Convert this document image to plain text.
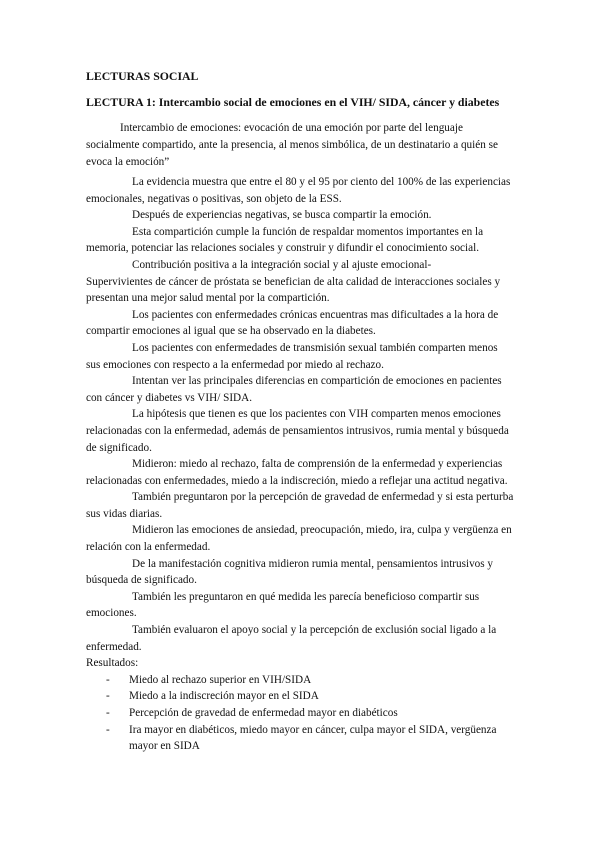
LECTURAS SOCIAL
LECTURA 1: Intercambio social de emociones en el VIH/ SIDA, cáncer y diabetes
Intercambio de emociones: evocación de una emoción por parte del lenguaje socialmente compartido, ante la presencia, al menos simbólica, de un destinatario a quién se evoca la emoción”

La evidencia muestra que entre el 80 y el 95 por ciento del 100% de las experiencias emocionales, negativas o positivas, son objeto de la ESS.

Después de experiencias negativas, se busca compartir la emoción.

Esta compartición cumple la función de respaldar momentos importantes en la memoria, potenciar las relaciones sociales y construir y difundir el conocimiento social.

Contribución positiva a la integración social y al ajuste emocional-

Supervivientes de cáncer de próstata se benefician de alta calidad de interacciones sociales y presentan una mejor salud mental por la compartición.

Los pacientes con enfermedades crónicas encuentras mas dificultades a la hora de compartir emociones al igual que se ha observado en la diabetes.

Los pacientes con enfermedades de transmisión sexual también comparten menos sus emociones con respecto a la enfermedad por miedo al rechazo.

Intentan ver las principales diferencias en compartición de emociones en pacientes con cáncer y diabetes vs VIH/ SIDA.

La hipótesis que tienen es que los pacientes con VIH comparten menos emociones relacionadas con la enfermedad, además de pensamientos intrusivos, rumia mental y búsqueda de significado.

Midieron: miedo al rechazo, falta de comprensión de la enfermedad y experiencias relacionadas con enfermedades, miedo a la indiscreción, miedo a reflejar una actitud negativa.

También preguntaron por la percepción de gravedad de enfermedad y si esta perturba sus vidas diarias.

Midieron las emociones de ansiedad, preocupación, miedo, ira, culpa y vergüenza en relación con la enfermedad.

De la manifestación cognitiva midieron rumia mental, pensamientos intrusivos y búsqueda de significado.

También les preguntaron en qué medida les parecía beneficioso compartir sus emociones.

También evaluaron el apoyo social y la percepción de exclusión social ligado a la enfermedad.

Resultados:
- Miedo al rechazo superior en VIH/SIDA
- Miedo a la indiscreción mayor en el SIDA
- Percepción de gravedad de enfermedad mayor en diabéticos
- Ira mayor en diabéticos, miedo mayor en cáncer, culpa mayor el SIDA, vergüenza mayor en SIDA
